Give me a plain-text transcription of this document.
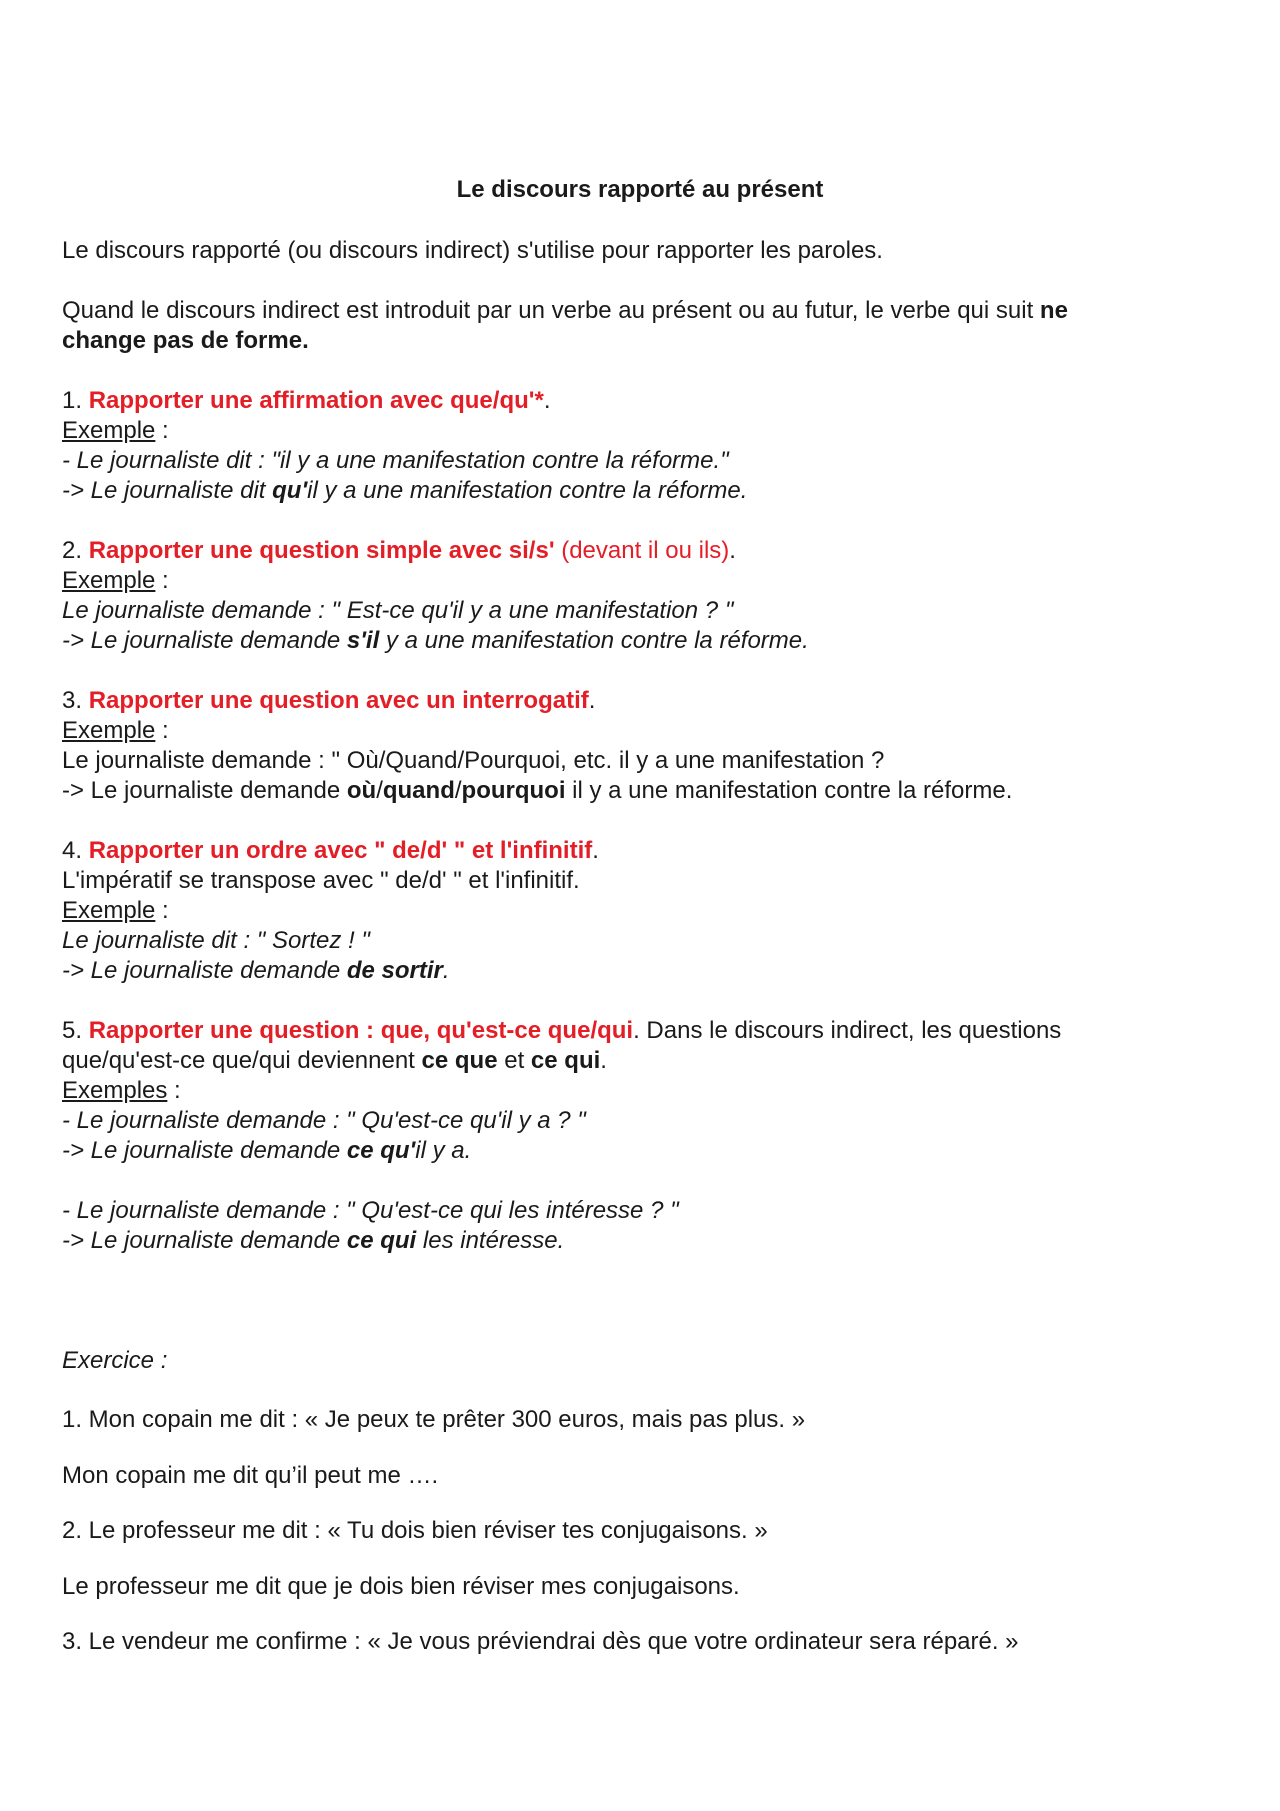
Le discours rapporté au présent
Le discours rapporté (ou discours indirect) s'utilise pour rapporter les paroles.
Quand le discours indirect est introduit par un verbe au présent ou au futur, le verbe qui suit ne
change pas de forme.
1. Rapporter une affirmation avec que/qu'*.
Exemple :
- Le journaliste dit : "il y a une manifestation contre la réforme."
-> Le journaliste dit qu'il y a une manifestation contre la réforme.
2. Rapporter une question simple avec si/s' (devant il ou ils).
Exemple :
Le journaliste demande : " Est-ce qu'il y a une manifestation ? "
-> Le journaliste demande s'il y a une manifestation contre la réforme.
3. Rapporter une question avec un interrogatif.
Exemple :
Le journaliste demande : " Où/Quand/Pourquoi, etc. il y a une manifestation ?
-> Le journaliste demande où/quand/pourquoi il y a une manifestation contre la réforme.
4. Rapporter un ordre avec " de/d' " et l'infinitif.
L'impératif se transpose avec " de/d' " et l'infinitif.
Exemple :
Le journaliste dit : " Sortez ! "
-> Le journaliste demande de sortir.
5. Rapporter une question : que, qu'est-ce que/qui. Dans le discours indirect, les questions
que/qu'est-ce que/qui deviennent ce que et ce qui.
Exemples :
- Le journaliste demande : " Qu'est-ce qu'il y a ? "
-> Le journaliste demande ce qu'il y a.
- Le journaliste demande : " Qu'est-ce qui les intéresse ? "
-> Le journaliste demande ce qui les intéresse.
Exercice :
1. Mon copain me dit : « Je peux te prêter 300 euros, mais pas plus. »
Mon copain me dit qu’il peut me ….
2. Le professeur me dit : « Tu dois bien réviser tes conjugaisons. »
Le professeur me dit que je dois bien réviser mes conjugaisons.
3. Le vendeur me confirme : « Je vous préviendrai dès que votre ordinateur sera réparé. »
